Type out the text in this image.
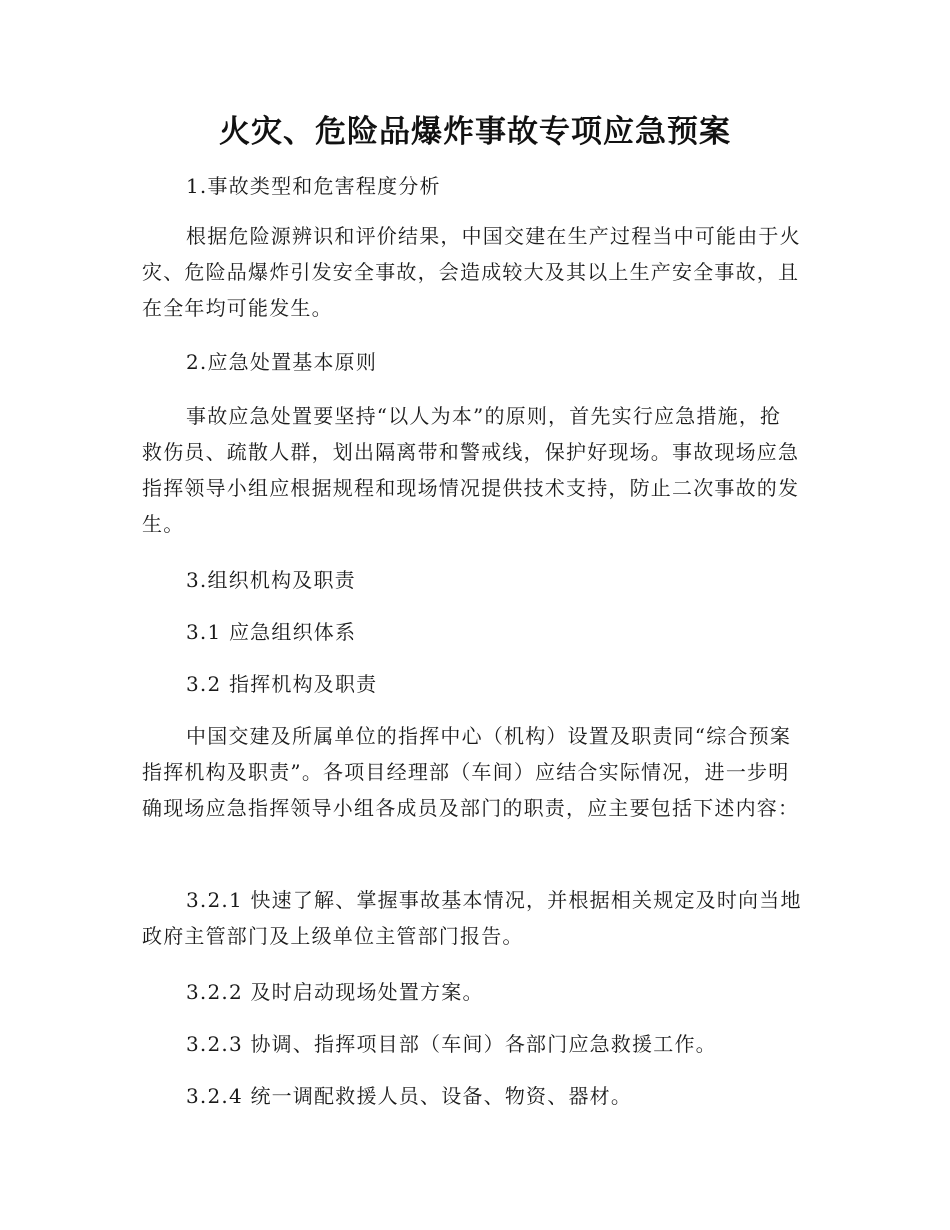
火灾、危险品爆炸事故专项应急预案

1.事故类型和危害程度分析

根据危险源辨识和评价结果，中国交建在生产过程当中可能由于火灾、危险品爆炸引发安全事故，会造成较大及其以上生产安全事故，且在全年均可能发生。

2.应急处置基本原则

事故应急处置要坚持“以人为本”的原则，首先实行应急措施，抢救伤员、疏散人群，划出隔离带和警戒线，保护好现场。事故现场应急指挥领导小组应根据规程和现场情况提供技术支持，防止二次事故的发生。

3.组织机构及职责

3.1 应急组织体系

3.2 指挥机构及职责

中国交建及所属单位的指挥中心（机构）设置及职责同“综合预案指挥机构及职责”。各项目经理部（车间）应结合实际情况，进一步明确现场应急指挥领导小组各成员及部门的职责，应主要包括下述内容：

3.2.1 快速了解、掌握事故基本情况，并根据相关规定及时向当地政府主管部门及上级单位主管部门报告。

3.2.2 及时启动现场处置方案。

3.2.3 协调、指挥项目部（车间）各部门应急救援工作。

3.2.4 统一调配救援人员、设备、物资、器材。
